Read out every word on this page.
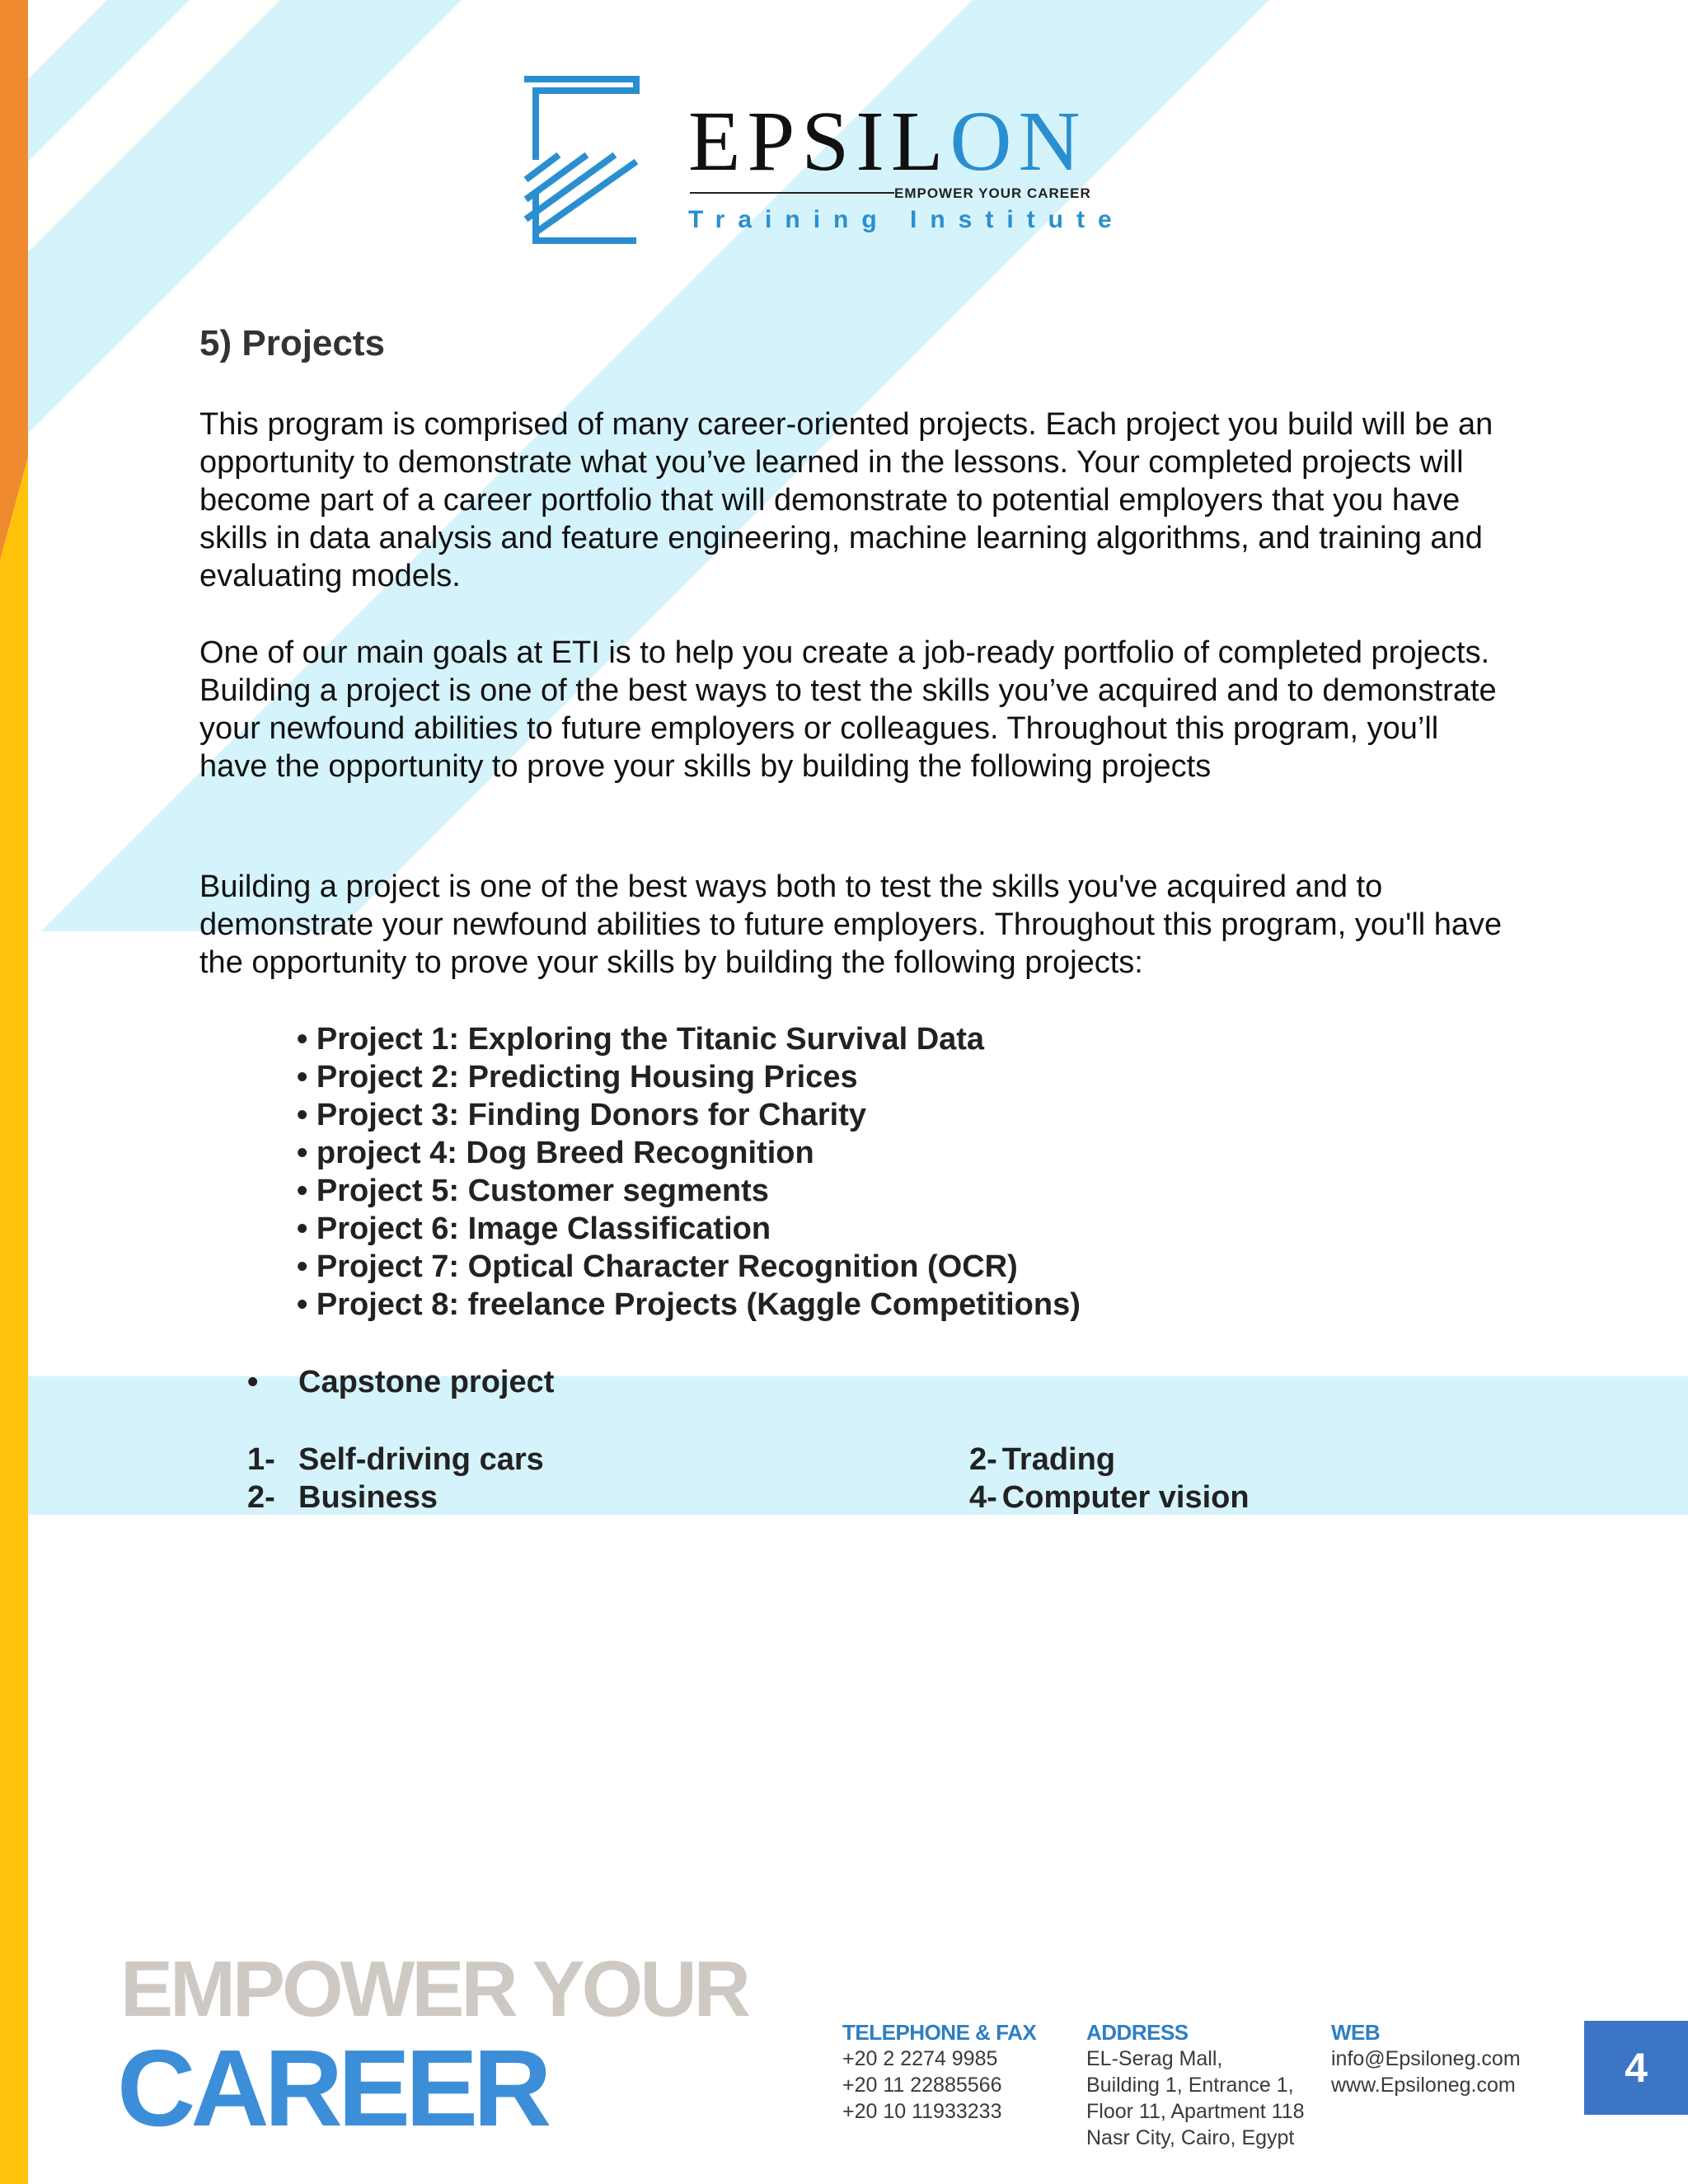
EPSILON

EMPOWER YOUR CAREER

Training Institute

5) Projects

This program is comprised of many career-oriented projects. Each project you build will be an opportunity to demonstrate what you’ve learned in the lessons. Your completed projects will become part of a career portfolio that will demonstrate to potential employers that you have skills in data analysis and feature engineering, machine learning algorithms, and training and evaluating models.

One of our main goals at ETI is to help you create a job-ready portfolio of completed projects. Building a project is one of the best ways to test the skills you’ve acquired and to demonstrate your newfound abilities to future employers or colleagues. Throughout this program, you’ll have the opportunity to prove your skills by building the following projects

Building a project is one of the best ways both to test the skills you've acquired and to demonstrate your newfound abilities to future employers. Throughout this program, you'll have the opportunity to prove your skills by building the following projects:

• Project 1: Exploring the Titanic Survival Data
• Project 2: Predicting Housing Prices
• Project 3: Finding Donors for Charity
• project 4: Dog Breed Recognition
• Project 5: Customer segments
• Project 6: Image Classification
• Project 7: Optical Character Recognition (OCR)
• Project 8: freelance Projects (Kaggle Competitions)
• Capstone project
1- Self-driving cars
2- Business
2- Trading
4- Computer vision

EMPOWER YOUR

CAREER	TELEPHONE & FAX
+20 2 2274 9985
+20 11 22885566
+20 10 11933233
ADDRESS
EL-Serag Mall,
Building 1, Entrance 1,
Floor 11, Apartment 118
Nasr City, Cairo, Egypt
WEB
info@Epsiloneg.com
www.Epsiloneg.com	4
